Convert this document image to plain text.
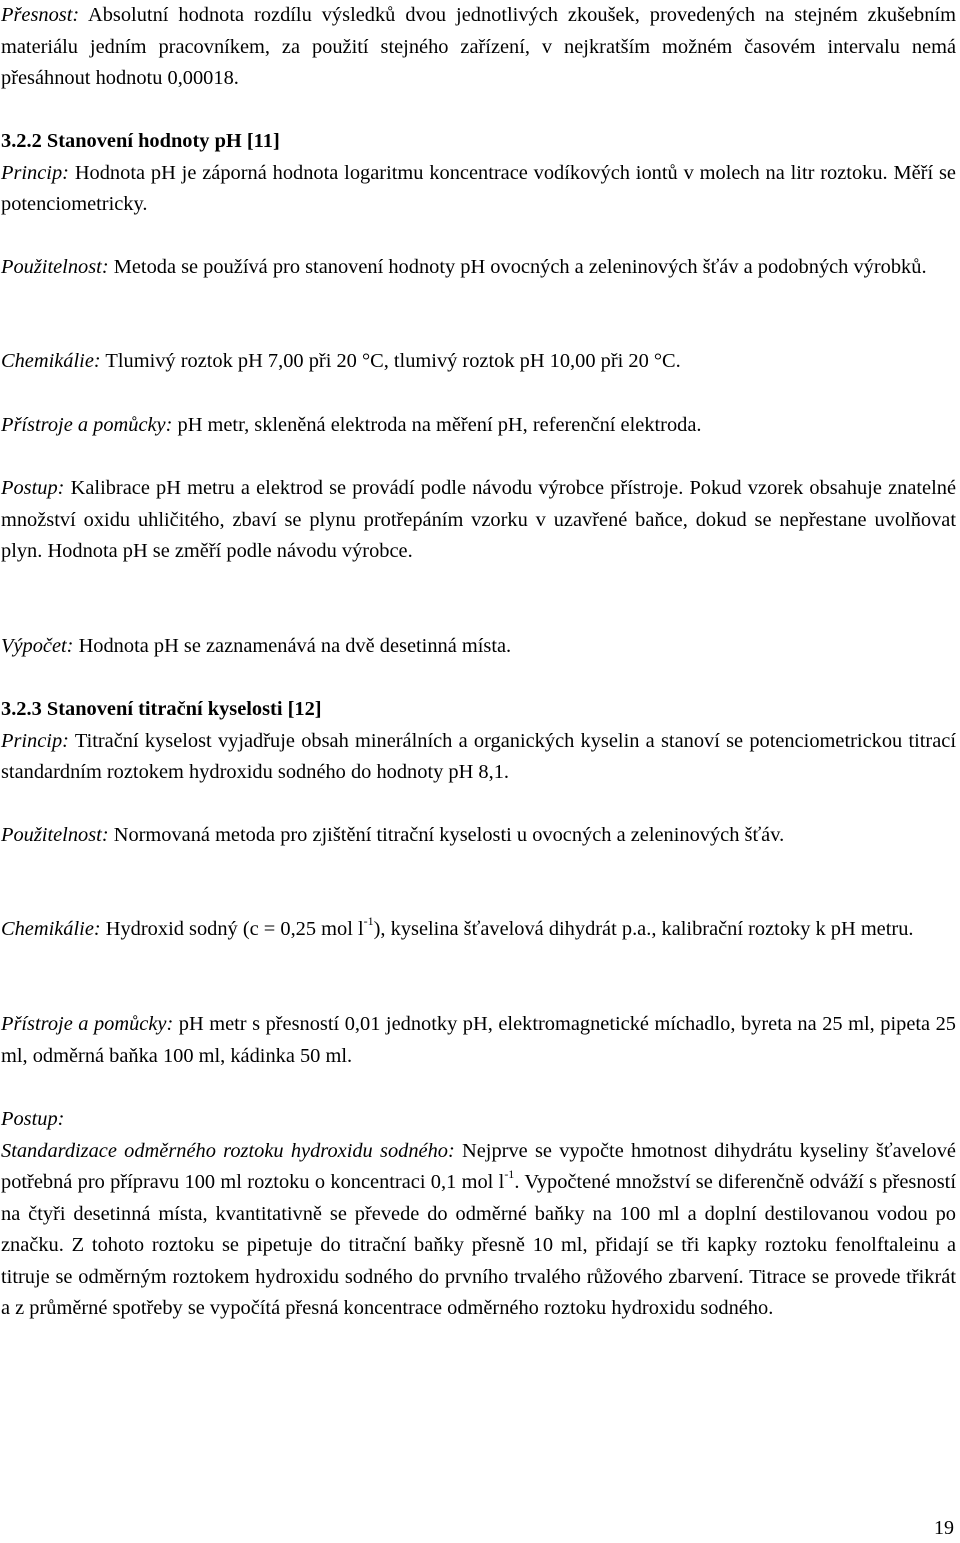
Přesnost: Absolutní hodnota rozdílu výsledků dvou jednotlivých zkoušek, provedených na stejném zkušebním materiálu jedním pracovníkem, za použití stejného zařízení, v nejkratším možném časovém intervalu nemá přesáhnout hodnotu 0,00018.

3.2.2 Stanovení hodnoty pH [11]

Princip: Hodnota pH je záporná hodnota logaritmu koncentrace vodíkových iontů v molech na litr roztoku. Měří se potenciometricky.

Použitelnost: Metoda se používá pro stanovení hodnoty pH ovocných a zeleninových šťáv a podobných výrobků.

Chemikálie: Tlumivý roztok pH 7,00 při 20 °C, tlumivý roztok pH 10,00 při 20 °C.

Přístroje a pomůcky: pH metr, skleněná elektroda na měření pH, referenční elektroda.

Postup: Kalibrace pH metru a elektrod se provádí podle návodu výrobce přístroje. Pokud vzorek obsahuje znatelné množství oxidu uhličitého, zbaví se plynu protřepáním vzorku v uzavřené baňce, dokud se nepřestane uvolňovat plyn. Hodnota pH se změří podle návodu výrobce.

Výpočet: Hodnota pH se zaznamenává na dvě desetinná místa.

3.2.3 Stanovení titrační kyselosti [12]

Princip: Titrační kyselost vyjadřuje obsah minerálních a organických kyselin a stanoví se potenciometrickou titrací standardním roztokem hydroxidu sodného do hodnoty pH 8,1.

Použitelnost: Normovaná metoda pro zjištění titrační kyselosti u ovocných a zeleninových šťáv.

Chemikálie: Hydroxid sodný (c = 0,25 mol $l^{-1}$), kyselina šťavelová dihydrát p.a., kalibrační roztoky k pH metru.

Přístroje a pomůcky: pH metr s přesností 0,01 jednotky pH, elektromagnetické míchadlo, byreta na 25 ml, pipeta 25 ml, odměrná baňka 100 ml, kádinka 50 ml.

Postup:

Standardizace odměrného roztoku hydroxidu sodného: Nejprve se vypočte hmotnost dihydrátu kyseliny šťavelové potřebná pro přípravu 100 ml roztoku o koncentraci 0,1 mol $l^{-1}$. Vypočtené množství se diferenčně odváží s přesností na čtyři desetinná místa, kvantitativně se převede do odměrné baňky na 100 ml a doplní destilovanou vodou po značku. Z tohoto roztoku se pipetuje do titrační baňky přesně 10 ml, přidají se tři kapky roztoku fenolftaleinu a titruje se odměrným roztokem hydroxidu sodného do prvního trvalého růžového zbarvení. Titrace se provede třikrát a z průměrné spotřeby se vypočítá přesná koncentrace odměrného roztoku hydroxidu sodného.

19
